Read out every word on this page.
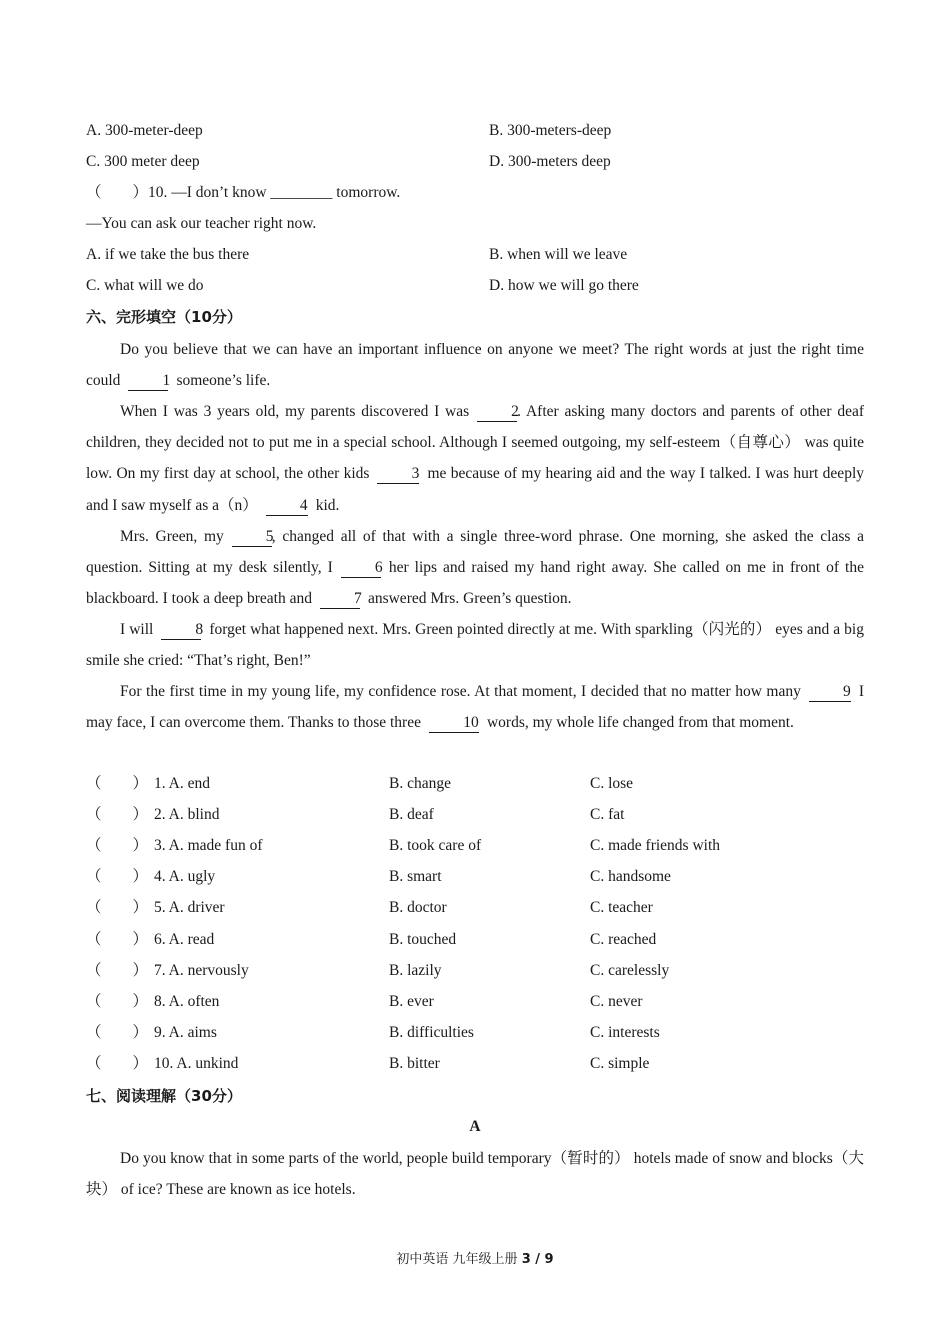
A. 300-meter-deep	B. 300-meters-deep
C. 300 meter deep	D. 300-meters deep
（　　）10. —I don’t know ________ tomorrow.
—You can ask our teacher right now.
A. if we take the bus there	B. when will we leave
C. what will we do	D. how we will go there
六、完形填空（10分）
Do you believe that we can have an important influence on anyone we meet? The right words at just the right time could	1 someone’s life.
When I was 3 years old, my parents discovered I was	2. After asking many doctors and parents of other deaf children, they decided not to put me in a special school. Although I seemed outgoing, my self-esteem（自尊心） was quite low. On my first day at school, the other kids	3 me because of my hearing aid and the way I talked. I was hurt deeply and I saw myself as a（n）	4 kid.
Mrs. Green, my	5, changed all of that with a single three-word phrase. One morning, she asked the class a question. Sitting at my desk silently, I	6 her lips and raised my hand right away. She called on me in front of the blackboard. I took a deep breath and	7 answered Mrs. Green’s question.
I will	8 forget what happened next. Mrs. Green pointed directly at me. With sparkling（闪光的） eyes and a big smile she cried: “That’s right, Ben!”
For the first time in my young life, my confidence rose. At that moment, I decided that no matter how many	9 I may face, I can overcome them. Thanks to those three	10 words, my whole life changed from that moment.
（　　） 1. A. end	B. change	C. lose
（　　） 2. A. blind	B. deaf	C. fat
（　　） 3. A. made fun of	B. took care of	C. made friends with
（　　） 4. A. ugly	B. smart	C. handsome
（　　） 5. A. driver	B. doctor	C. teacher
（　　） 6. A. read	B. touched	C. reached
（　　） 7. A. nervously	B. lazily	C. carelessly
（　　） 8. A. often	B. ever	C. never
（　　） 9. A. aims	B. difficulties	C. interests
（　　） 10. A. unkind	B. bitter	C. simple
七、阅读理解（30分）
A
Do you know that in some parts of the world, people build temporary（暂时的） hotels made of snow and blocks（大块） of ice? These are known as ice hotels.
初中英语 九年级上册 3 / 9
